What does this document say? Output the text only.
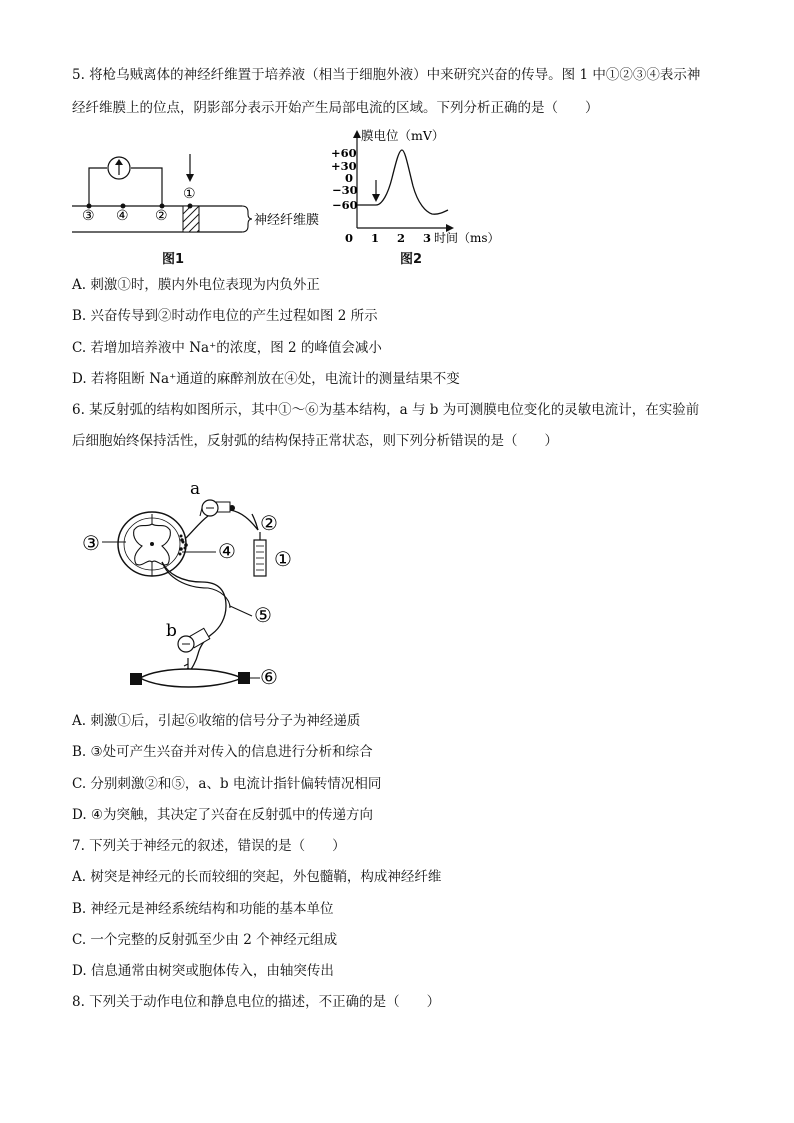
5. 将枪乌贼离体的神经纤维置于培养液（相当于细胞外液）中来研究兴奋的传导。图 1 中①②③④表示神
经纤维膜上的位点，阴影部分表示开始产生局部电流的区域。下列分析正确的是（　　）
③ ④ ②
①
神经纤维膜
图1
+60
+30
0
−30
−60
膜电位（mV）
0 1 2 3 时间（ms）
图2
A. 刺激①时，膜内外电位表现为内负外正
B. 兴奋传导到②时动作电位的产生过程如图 2 所示
C. 若增加培养液中 Na⁺的浓度，图 2 的峰值会减小
D. 若将阻断 Na⁺通道的麻醉剂放在④处，电流计的测量结果不变
6. 某反射弧的结构如图所示，其中①～⑥为基本结构，a 与 b 为可测膜电位变化的灵敏电流计，在实验前
后细胞始终保持活性，反射弧的结构保持正常状态，则下列分析错误的是（　　）
a
b
①
②
③	④
⑤
⑥
A. 刺激①后，引起⑥收缩的信号分子为神经递质
B. ③处可产生兴奋并对传入的信息进行分析和综合
C. 分别刺激②和⑤，a、b 电流计指针偏转情况相同
D. ④为突触，其决定了兴奋在反射弧中的传递方向
7. 下列关于神经元的叙述，错误的是（　　）
A. 树突是神经元的长而较细的突起，外包髓鞘，构成神经纤维
B. 神经元是神经系统结构和功能的基本单位
C. 一个完整的反射弧至少由 2 个神经元组成
D. 信息通常由树突或胞体传入，由轴突传出
8. 下列关于动作电位和静息电位的描述，不正确的是（　　）
